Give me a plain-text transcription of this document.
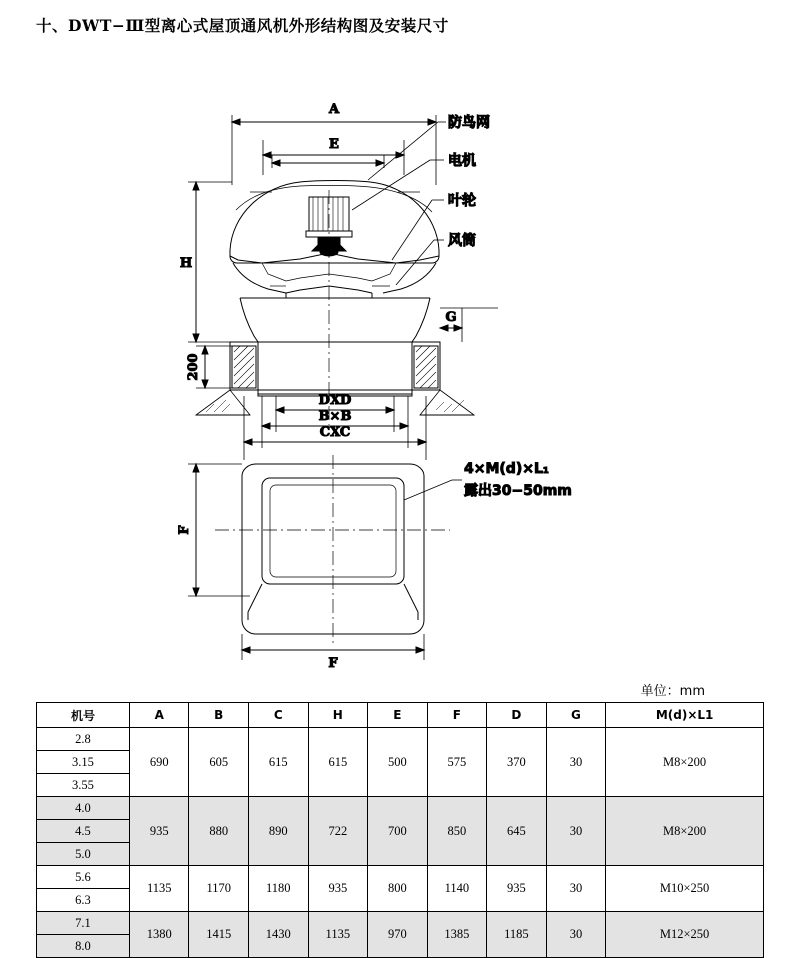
十、DWT−Ⅲ型离心式屋顶通风机外形结构图及安装尺寸
A
E
H
200
G
DXD
B×B
CXC
防鸟网
电机
叶轮
风筒
F
F
4×M(d)×L₁
露出30−50mm
单位：mm
机号	A	B	C	H	E	F	D	G	M(d)×L1
2.8	690	605	615	615	500	575	370	30	M8×200
3.15									
3.55									
4.0	935	880	890	722	700	850	645	30	M8×200
4.5									
5.0									
5.6	1135	1170	1180	935	800	1140	935	30	M10×250
6.3									
7.1	1380	1415	1430	1135	970	1385	1185	30	M12×250
8.0									
